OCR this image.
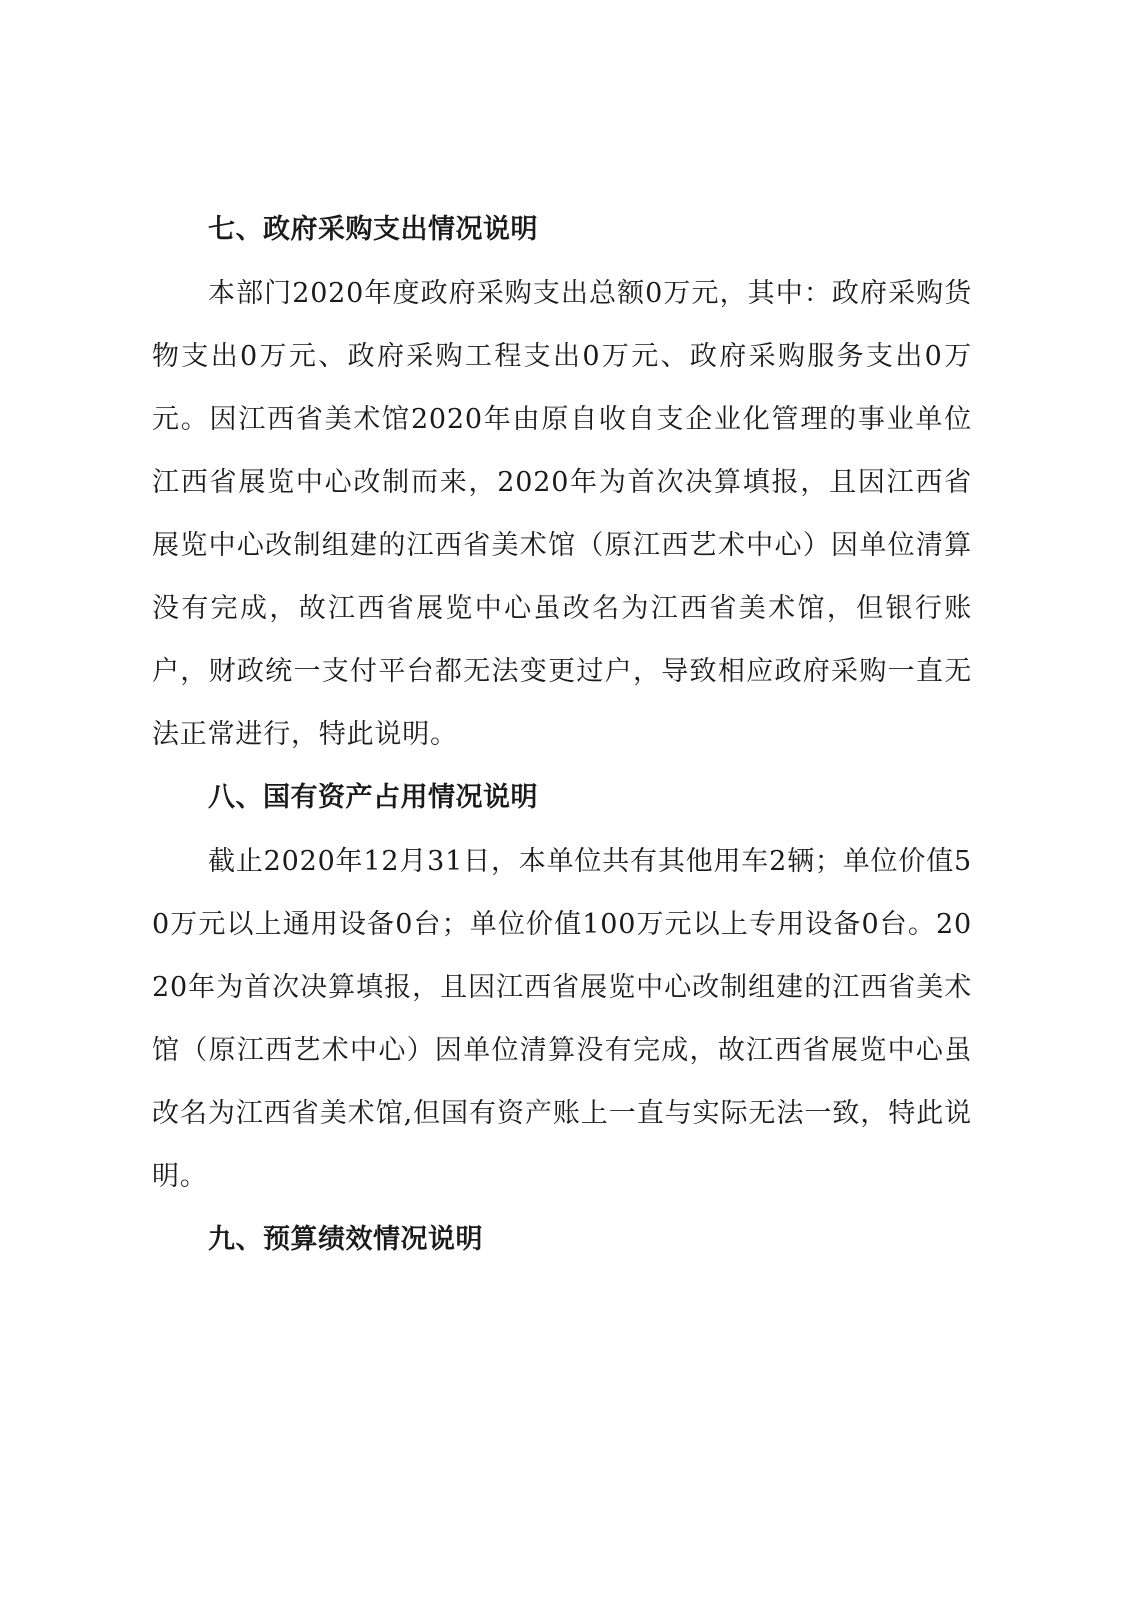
七、政府采购支出情况说明

本部门2020年度政府采购支出总额0万元，其中：政府采购货物支出0万元、政府采购工程支出0万元、政府采购服务支出0万元。因江西省美术馆2020年由原自收自支企业化管理的事业单位江西省展览中心改制而来，2020年为首次决算填报，且因江西省展览中心改制组建的江西省美术馆（原江西艺术中心）因单位清算没有完成，故江西省展览中心虽改名为江西省美术馆，但银行账户，财政统一支付平台都无法变更过户，导致相应政府采购一直无法正常进行，特此说明。

八、国有资产占用情况说明

截止2020年12月31日，本单位共有其他用车2辆；单位价值50万元以上通用设备0台；单位价值100万元以上专用设备0台。2020年为首次决算填报，且因江西省展览中心改制组建的江西省美术馆（原江西艺术中心）因单位清算没有完成，故江西省展览中心虽改名为江西省美术馆,但国有资产账上一直与实际无法一致，特此说明。

九、预算绩效情况说明
